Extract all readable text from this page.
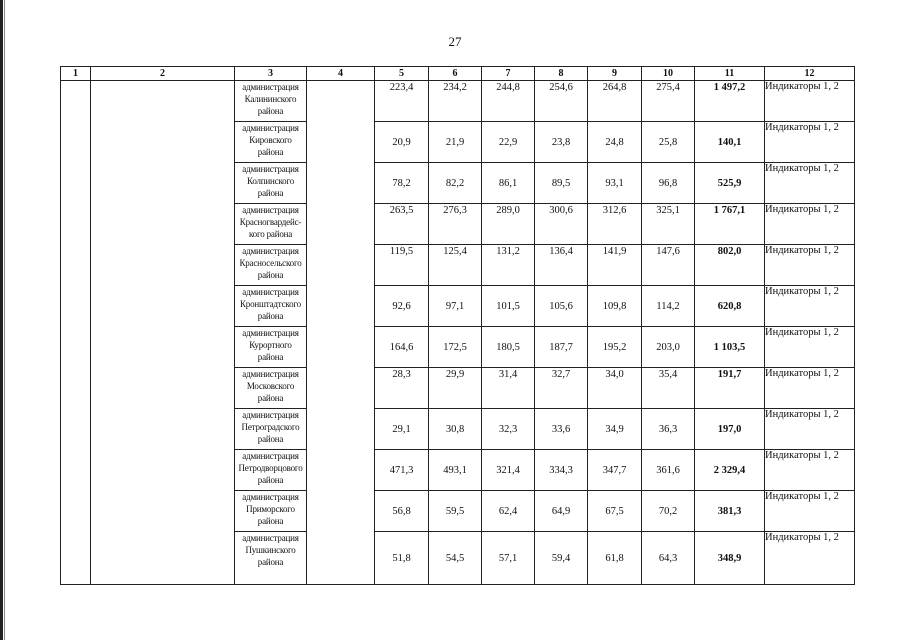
27
1	2	3	4	5	6	7	8	9	10	11	12

		администрация
Калининского
района		223,4	234,2	244,8	254,6	264,8	275,4	1 497,2	Индикаторы 1, 2

		администрация
Кировского
района		20,9	21,9	22,9	23,8	24,8	25,8	140,1	Индикаторы 1, 2

		администрация
Колпинского
района		78,2	82,2	86,1	89,5	93,1	96,8	525,9	Индикаторы 1, 2

		администрация
Красногвардейс-
кого района		263,5	276,3	289,0	300,6	312,6	325,1	1 767,1	Индикаторы 1, 2

		администрация
Красносельского
района		119,5	125,4	131,2	136,4	141,9	147,6	802,0	Индикаторы 1, 2

		администрация
Кронштадтского
района		92,6	97,1	101,5	105,6	109,8	114,2	620,8	Индикаторы 1, 2

		администрация
Курортного
района		164,6	172,5	180,5	187,7	195,2	203,0	1 103,5	Индикаторы 1, 2

		администрация
Московского
района		28,3	29,9	31,4	32,7	34,0	35,4	191,7	Индикаторы 1, 2

		администрация
Петроградского
района		29,1	30,8	32,3	33,6	34,9	36,3	197,0	Индикаторы 1, 2

		администрация
Петродворцового
района		471,3	493,1	321,4	334,3	347,7	361,6	2 329,4	Индикаторы 1, 2

		администрация
Приморского
района		56,8	59,5	62,4	64,9	67,5	70,2	381,3	Индикаторы 1, 2

		администрация
Пушкинского
района		51,8	54,5	57,1	59,4	61,8	64,3	348,9	Индикаторы 1, 2
